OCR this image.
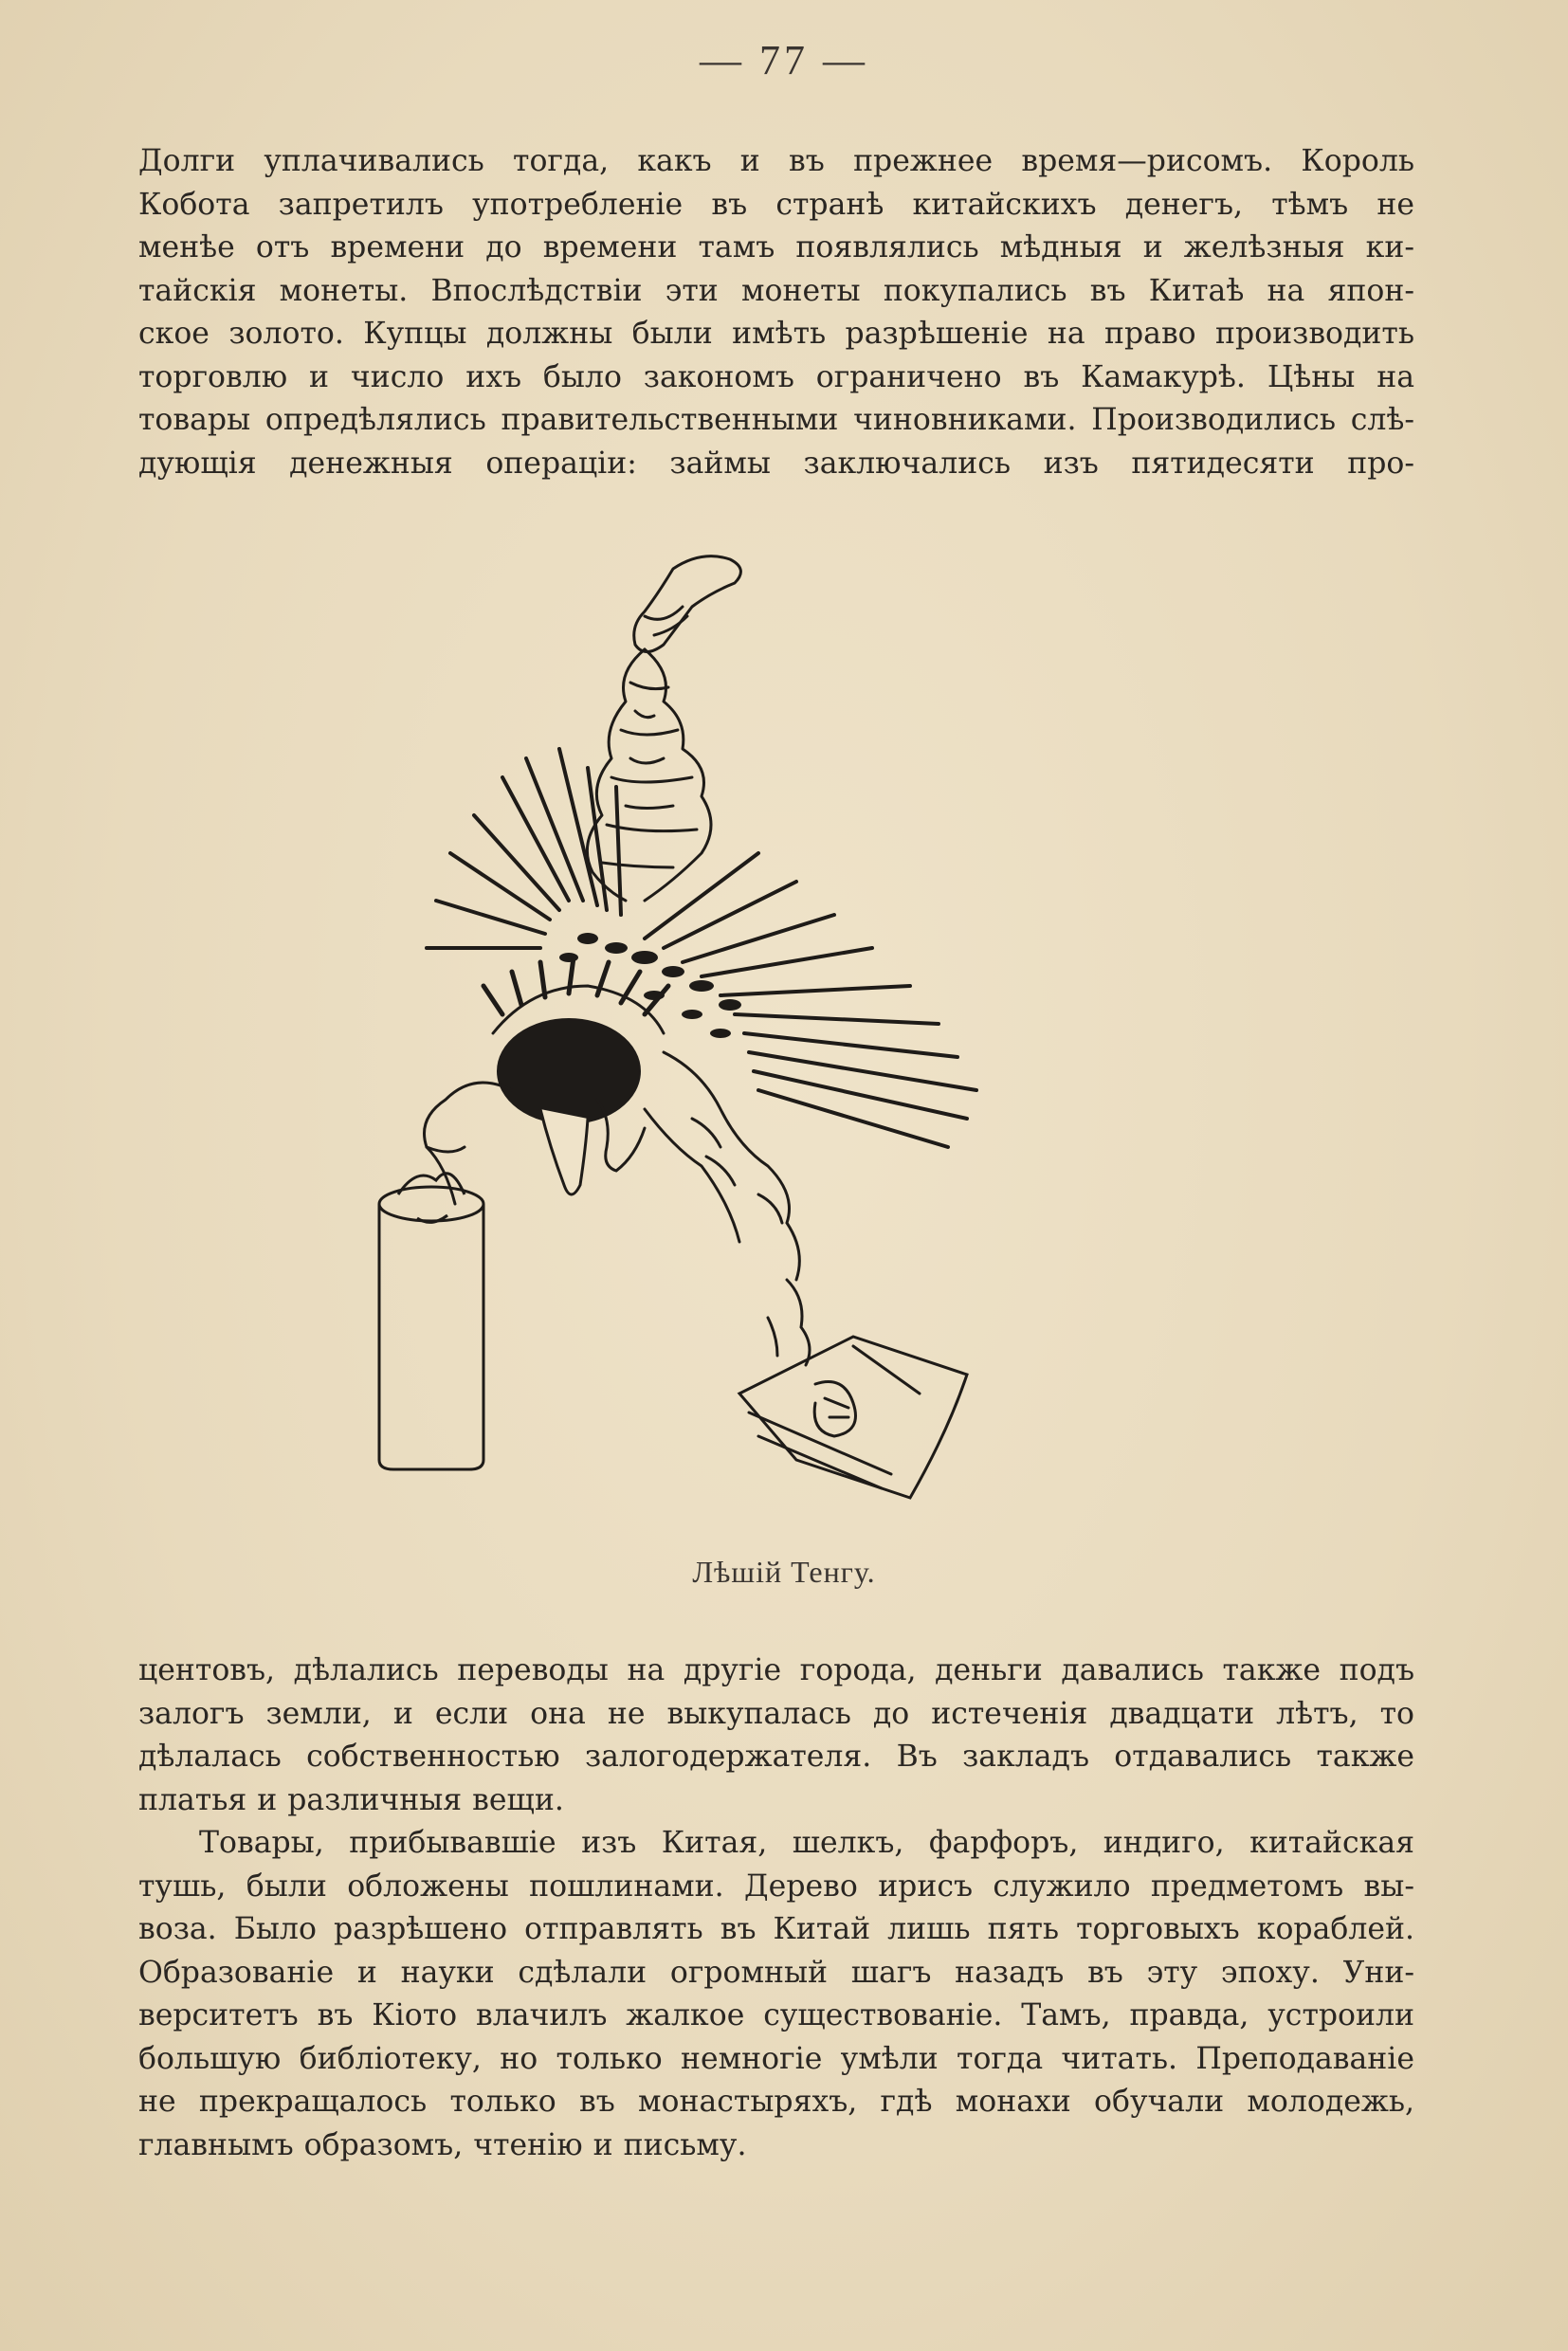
— 77 —

Долги уплачивались тогда, какъ и въ прежнее время—рисомъ. Король
Кобота запретилъ употребленіе въ странѣ китайскихъ денегъ, тѣмъ не
менѣе отъ времени до времени тамъ появлялись мѣдныя и желѣзныя ки-
тайскія монеты. Впослѣдствіи эти монеты покупались въ Китаѣ на япон-
ское золото. Купцы должны были имѣть разрѣшеніе на право производить
торговлю и число ихъ было закономъ ограничено въ Камакурѣ. Цѣны на
товары опредѣлялись правительственными чиновниками. Производились слѣ-
дующія денежныя операціи: займы заключались изъ пятидесяти про-

Лѣшій Тенгу.

центовъ, дѣлались переводы на другіе города, деньги давались также подъ
залогъ земли, и если она не выкупалась до истеченія двадцати лѣтъ, то
дѣлалась собственностью залогодержателя. Въ закладъ отдавались также
платья и различныя вещи.

Товары, прибывавшіе изъ Китая, шелкъ, фарфоръ, индиго, китайская
тушь, были обложены пошлинами. Дерево ирисъ служило предметомъ вы-
воза. Было разрѣшено отправлять въ Китай лишь пять торговыхъ кораблей.
Образованіе и науки сдѣлали огромный шагъ назадъ въ эту эпоху. Уни-
верситетъ въ Кіото влачилъ жалкое существованіе. Тамъ, правда, устроили
большую библіотеку, но только немногіе умѣли тогда читать. Преподаваніе
не прекращалось только въ монастыряхъ, гдѣ монахи обучали молодежь,
главнымъ образомъ, чтенію и письму.
